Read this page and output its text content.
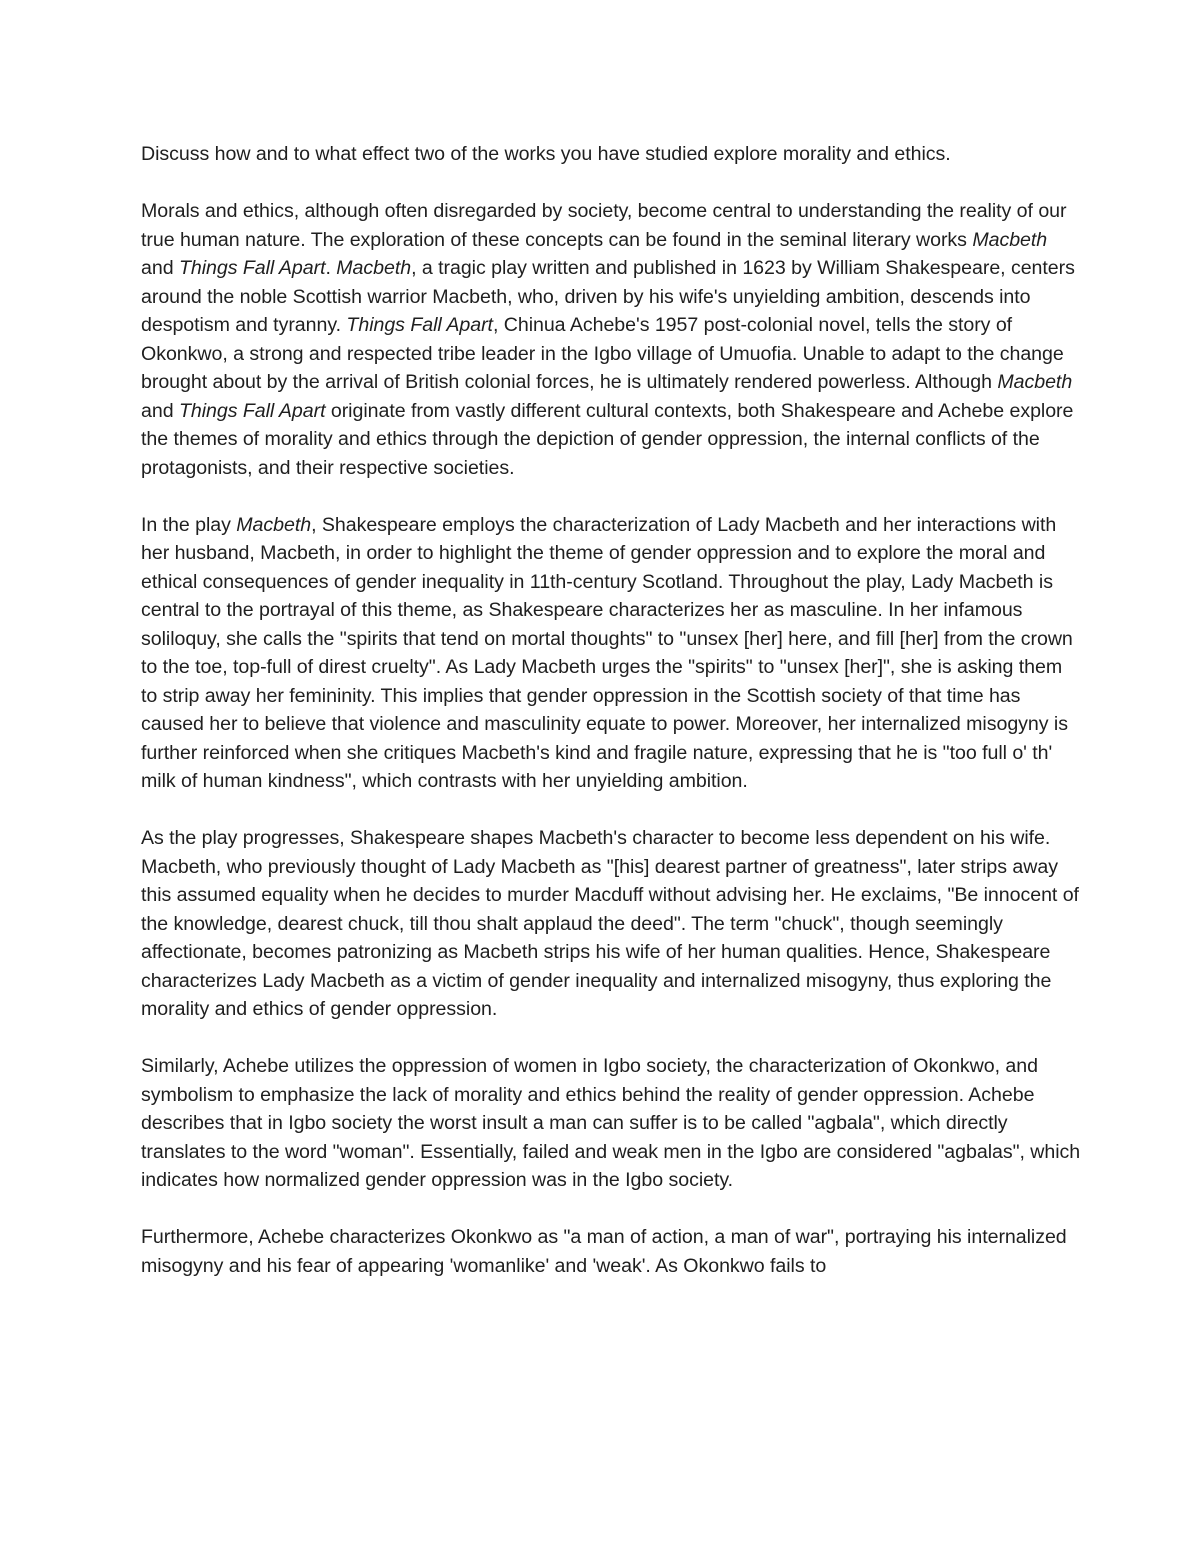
Discuss how and to what effect two of the works you have studied explore morality and ethics.

Morals and ethics, although often disregarded by society, become central to understanding the reality of our true human nature. The exploration of these concepts can be found in the seminal literary works Macbeth and Things Fall Apart. Macbeth, a tragic play written and published in 1623 by William Shakespeare, centers around the noble Scottish warrior Macbeth, who, driven by his wife's unyielding ambition, descends into despotism and tyranny. Things Fall Apart, Chinua Achebe's 1957 post-colonial novel, tells the story of Okonkwo, a strong and respected tribe leader in the Igbo village of Umuofia. Unable to adapt to the change brought about by the arrival of British colonial forces, he is ultimately rendered powerless. Although Macbeth and Things Fall Apart originate from vastly different cultural contexts, both Shakespeare and Achebe explore the themes of morality and ethics through the depiction of gender oppression, the internal conflicts of the protagonists, and their respective societies.

In the play Macbeth, Shakespeare employs the characterization of Lady Macbeth and her interactions with her husband, Macbeth, in order to highlight the theme of gender oppression and to explore the moral and ethical consequences of gender inequality in 11th-century Scotland. Throughout the play, Lady Macbeth is central to the portrayal of this theme, as Shakespeare characterizes her as masculine. In her infamous soliloquy, she calls the "spirits that tend on mortal thoughts" to "unsex [her] here, and fill [her] from the crown to the toe, top-full of direst cruelty". As Lady Macbeth urges the "spirits" to "unsex [her]", she is asking them to strip away her femininity. This implies that gender oppression in the Scottish society of that time has caused her to believe that violence and masculinity equate to power. Moreover, her internalized misogyny is further reinforced when she critiques Macbeth's kind and fragile nature, expressing that he is "too full o' th' milk of human kindness", which contrasts with her unyielding ambition.

As the play progresses, Shakespeare shapes Macbeth's character to become less dependent on his wife. Macbeth, who previously thought of Lady Macbeth as "[his] dearest partner of greatness", later strips away this assumed equality when he decides to murder Macduff without advising her. He exclaims, "Be innocent of the knowledge, dearest chuck, till thou shalt applaud the deed". The term "chuck", though seemingly affectionate, becomes patronizing as Macbeth strips his wife of her human qualities. Hence, Shakespeare characterizes Lady Macbeth as a victim of gender inequality and internalized misogyny, thus exploring the morality and ethics of gender oppression.

Similarly, Achebe utilizes the oppression of women in Igbo society, the characterization of Okonkwo, and symbolism to emphasize the lack of morality and ethics behind the reality of gender oppression. Achebe describes that in Igbo society the worst insult a man can suffer is to be called "agbala", which directly translates to the word "woman". Essentially, failed and weak men in the Igbo are considered "agbalas", which indicates how normalized gender oppression was in the Igbo society.

Furthermore, Achebe characterizes Okonkwo as "a man of action, a man of war", portraying his internalized misogyny and his fear of appearing 'womanlike' and 'weak'. As Okonkwo fails to
